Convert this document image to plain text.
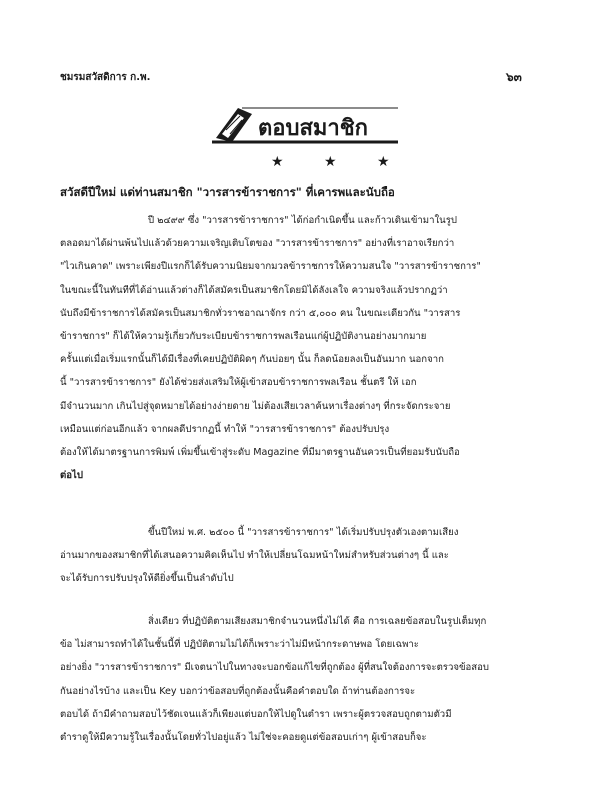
ชมรมสวัสดิการ ก.พ.	๖๓
ตอบสมาชิก
★ ★ ★
สวัสดีปีใหม่ แด่ท่านสมาชิก "วารสารข้าราชการ" ที่เคารพและนับถือ

ปี ๒๔๙๙ ซึ่ง "วารสารข้าราชการ" ได้ก่อกำเนิดขึ้น และก้าวเดินเข้ามาในรูป

ตลอดมาได้ผ่านพ้นไปแล้วด้วยความเจริญเติบโตของ "วารสารข้าราชการ" อย่างที่เราอาจเรียกว่า

"ไวเกินคาด" เพราะเพียงปีแรกก็ได้รับความนิยมจากมวลข้าราชการให้ความสนใจ "วารสารข้าราชการ"

ในขณะนี้ในทันทีที่ได้อ่านแล้วต่างก็ได้สมัครเป็นสมาชิกโดยมิได้ลังเลใจ ความจริงแล้วปรากฏว่า

นับถึงมีข้าราชการได้สมัครเป็นสมาชิกทั่วราชอาณาจักร กว่า ๕,๐๐๐ คน ในขณะเดียวกัน "วารสาร

ข้าราชการ" ก็ได้ให้ความรู้เกี่ยวกับระเบียบข้าราชการพลเรือนแก่ผู้ปฏิบัติงานอย่างมากมาย

ครั้นแต่เมื่อเริ่มแรกนั้นก็ได้มีเรื่องที่เคยปฏิบัติผิดๆ กันบ่อยๆ นั้น ก็ลดน้อยลงเป็นอันมาก นอกจาก

นี้ "วารสารข้าราชการ" ยังได้ช่วยส่งเสริมให้ผู้เข้าสอบข้าราชการพลเรือน ชั้นตรี ให้ เอก

มีจำนวนมาก เกินไปสู่จุดหมายได้อย่างง่ายดาย ไม่ต้องเสียเวลาค้นหาเรื่องต่างๆ ที่กระจัดกระจาย

เหมือนแต่ก่อนอีกแล้ว จากผลดีปรากฏนี้ ทำให้ "วารสารข้าราชการ" ต้องปรับปรุง

ต้องให้ได้มาตรฐานการพิมพ์ เพิ่มขึ้นเข้าสู่ระดับ Magazine ที่มีมาตรฐานอันควรเป็นที่ยอมรับนับถือ

ต่อไป

ขึ้นปีใหม่ พ.ศ. ๒๕๐๐ นี้ "วารสารข้าราชการ" ได้เริ่มปรับปรุงตัวเองตามเสียง

อ่านมากของสมาชิกที่ได้เสนอความคิดเห็นไป ทำให้เปลี่ยนโฉมหน้าใหม่สำหรับส่วนต่างๆ นี้ และ

จะได้รับการปรับปรุงให้ดียิ่งขึ้นเป็นลำดับไป

สิ่งเดียว ที่ปฏิบัติตามเสียงสมาชิกจำนวนหนึ่งไม่ได้ คือ การเฉลยข้อสอบในรูปเต็มทุก

ข้อ ไม่สามารถทำได้ในชั้นนี้ที่ ปฏิบัติตามไม่ได้ก็เพราะว่าไม่มีหน้ากระดาษพอ โดยเฉพาะ

อย่างยิ่ง "วารสารข้าราชการ" มีเจตนาไปในทางจะบอกข้อแก้ไขที่ถูกต้อง ผู้ที่สนใจต้องการจะตรวจข้อสอบ

กันอย่างไรบ้าง และเป็น Key บอกว่าข้อสอบที่ถูกต้องนั้นคือคำตอบใด ถ้าท่านต้องการจะ

ตอบได้ ถ้ามีคำถามสอบไว้ชัดเจนแล้วก็เพียงแต่บอกให้ไปดูในตำรา เพราะผู้ตรวจสอบถูกตามตัวมี

ตำราดูให้มีความรู้ในเรื่องนั้นโดยทั่วไปอยู่แล้ว ไม่ใช่จะคอยดูแต่ข้อสอบเก่าๆ ผู้เข้าสอบก็จะ
